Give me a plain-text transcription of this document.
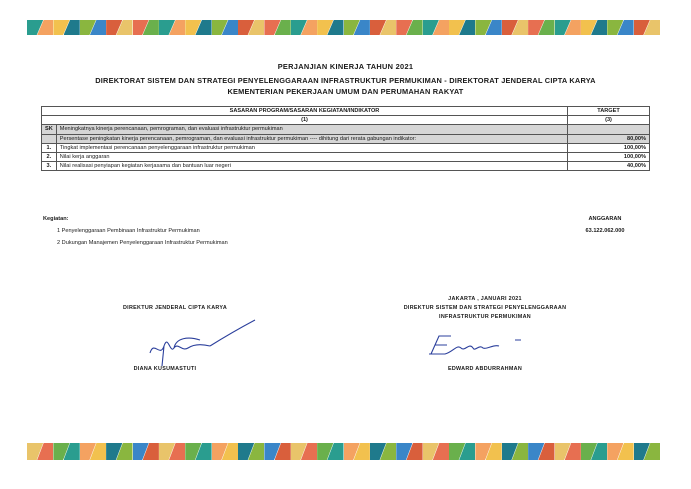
PERJANJIAN KINERJA TAHUN 2021
DIREKTORAT SISTEM DAN STRATEGI PENYELENGGARAAN INFRASTRUKTUR PERMUKIMAN - DIREKTORAT JENDERAL CIPTA KARYA
KEMENTERIAN PEKERJAAN UMUM DAN PERUMAHAN RAKYAT
SASARAN PROGRAM/SASARAN KEGIATAN/INDIKATOR		TARGET
(1)		(3)
SK	Meningkatnya kinerja perencanaan, pemrograman, dan evaluasi infrastruktur permukiman	
	Persentase peningkatan kinerja perencanaan, pemrograman, dan evaluasi infrastruktur permukiman ---- dihitung dari rerata gabungan indikator:	80,00%
1.	Tingkat implementasi perencanaan penyelenggaraan infrastruktur permukiman	100,00%
2.	Nilai kerja anggaran	100,00%
3.	Nilai realisasi penyiapan kegiatan kerjasama dan bantuan luar negeri	40,00%
Kegiatan:
1 Penyelenggaraan Pembinaan Infrastruktur Permukiman
2 Dukungan Manajemen Penyelenggaraan Infrastruktur Permukiman
ANGGARAN
63.122.062.000
DIREKTUR JENDERAL CIPTA KARYA
DIANA KUSUMASTUTI
JAKARTA , JANUARI 2021
DIREKTUR SISTEM DAN STRATEGI PENYELENGGARAAN
INFRASTRUKTUR PERMUKIMAN
EDWARD ABDURRAHMAN
